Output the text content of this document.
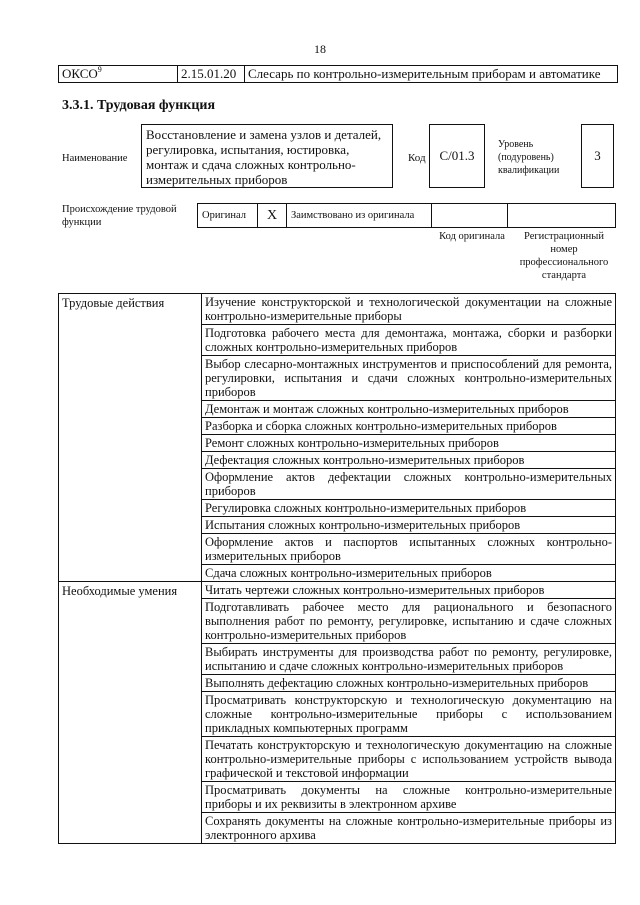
18
ОКСО$^9$	2.15.01.20 Слесарь по контрольно-измерительным приборам и автоматике
3.3.1. Трудовая функция
Наименование
Восстановление и замена узлов и деталей, регулировка, испытания, юстировка, монтаж и сдача сложных контрольно-измерительных приборов
Код	С/01.3
Уровень (подуровень) квалификации
3
Происхождение трудовой функции
Оригинал	X	Заимствовано из оригинала
Код оригинала	Регистрационный номер профессионального стандарта
Трудовые действия	Изучение конструкторской и технологической документации на сложные контрольно-измерительные приборы
	Подготовка рабочего места для демонтажа, монтажа, сборки и разборки сложных контрольно-измерительных приборов
	Выбор слесарно-монтажных инструментов и приспособлений для ремонта, регулировки, испытания и сдачи сложных контрольно-измерительных приборов
	Демонтаж и монтаж сложных контрольно-измерительных приборов
	Разборка и сборка сложных контрольно-измерительных приборов
	Ремонт сложных контрольно-измерительных приборов
	Дефектация сложных контрольно-измерительных приборов
	Оформление актов дефектации сложных контрольно-измерительных приборов
	Регулировка сложных контрольно-измерительных приборов
	Испытания сложных контрольно-измерительных приборов
	Оформление актов и паспортов испытанных сложных контрольно-измерительных приборов
	Сдача сложных контрольно-измерительных приборов
Необходимые умения	Читать чертежи сложных контрольно-измерительных приборов
	Подготавливать рабочее место для рационального и безопасного выполнения работ по ремонту, регулировке, испытанию и сдаче сложных контрольно-измерительных приборов
	Выбирать инструменты для производства работ по ремонту, регулировке, испытанию и сдаче сложных контрольно-измерительных приборов
	Выполнять дефектацию сложных контрольно-измерительных приборов
	Просматривать конструкторскую и технологическую документацию на сложные контрольно-измерительные приборы с использованием прикладных компьютерных программ
	Печатать конструкторскую и технологическую документацию на сложные контрольно-измерительные приборы с использованием устройств вывода графической и текстовой информации
	Просматривать документы на сложные контрольно-измерительные приборы и их реквизиты в электронном архиве
	Сохранять документы на сложные контрольно-измерительные приборы из электронного архива
